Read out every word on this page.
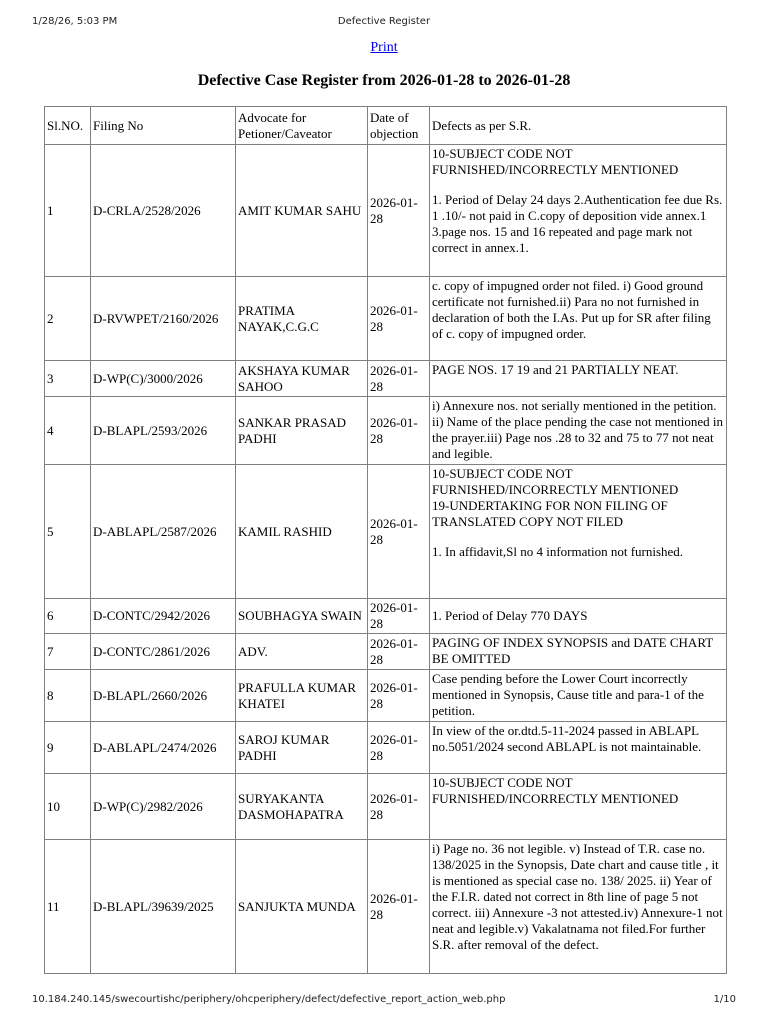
1/28/26, 5:03 PM	Defective Register
Print
Defective Case Register from 2026-01-28 to 2026-01-28
Sl.NO.	Filing No	Advocate for Petioner/Caveator	Date of objection	Defects as per S.R.
1	D-CRLA/2528/2026	AMIT KUMAR SAHU	2026-01-28	10-SUBJECT CODE NOT FURNISHED/INCORRECTLY MENTIONED
1. Period of Delay 24 days 2.Authentication fee due Rs. 1 .10/- not paid in C.copy of deposition vide annex.1 3.page nos. 15 and 16 repeated and page mark not correct in annex.1.

2	D-RVWPET/2160/2026	PRATIMA NAYAK,C.G.C	2026-01-28	c. copy of impugned order not filed. i) Good ground certificate not furnished.ii) Para no not furnished in declaration of both the I.As. Put up for SR after filing of c. copy of impugned order.
3	D-WP(C)/3000/2026	AKSHAYA KUMAR SAHOO	2026-01-28	PAGE NOS. 17 19 and 21 PARTIALLY NEAT.
4	D-BLAPL/2593/2026	SANKAR PRASAD PADHI	2026-01-28	i) Annexure nos. not serially mentioned in the petition. ii) Name of the place pending the case not mentioned in the prayer.iii) Page nos .28 to 32 and 75 to 77 not neat and legible.
5	D-ABLAPL/2587/2026	KAMIL RASHID	2026-01-28	10-SUBJECT CODE NOT FURNISHED/INCORRECTLY MENTIONED
19-UNDERTAKING FOR NON FILING OF TRANSLATED COPY NOT FILED
1. In affidavit,Sl no 4 information not furnished.

6	D-CONTC/2942/2026	SOUBHAGYA SWAIN	2026-01-28	1. Period of Delay 770 DAYS
7	D-CONTC/2861/2026	ADV.	2026-01-28	PAGING OF INDEX SYNOPSIS and DATE CHART BE OMITTED
8	D-BLAPL/2660/2026	PRAFULLA KUMAR KHATEI	2026-01-28	Case pending before the Lower Court incorrectly mentioned in Synopsis, Cause title and para-1 of the petition.
9	D-ABLAPL/2474/2026	SAROJ KUMAR PADHI	2026-01-28	In view of the or.dtd.5-11-2024 passed in ABLAPL no.5051/2024 second ABLAPL is not maintainable.
10	D-WP(C)/2982/2026	SURYAKANTA DASMOHAPATRA	2026-01-28	10-SUBJECT CODE NOT FURNISHED/INCORRECTLY MENTIONED
11	D-BLAPL/39639/2025	SANJUKTA MUNDA	2026-01-28	i) Page no. 36 not legible. v) Instead of T.R. case no. 138/2025 in the Synopsis, Date chart and cause title , it is mentioned as special case no. 138/ 2025. ii) Year of the F.I.R. dated not correct in 8th line of page 5 not correct. iii) Annexure -3 not attested.iv) Annexure-1 not neat and legible.v) Vakalatnama not filed.For further S.R. after removal of the defect.
10.184.240.145/swecourtishc/periphery/ohcperiphery/defect/defective_report_action_web.php	1/10
